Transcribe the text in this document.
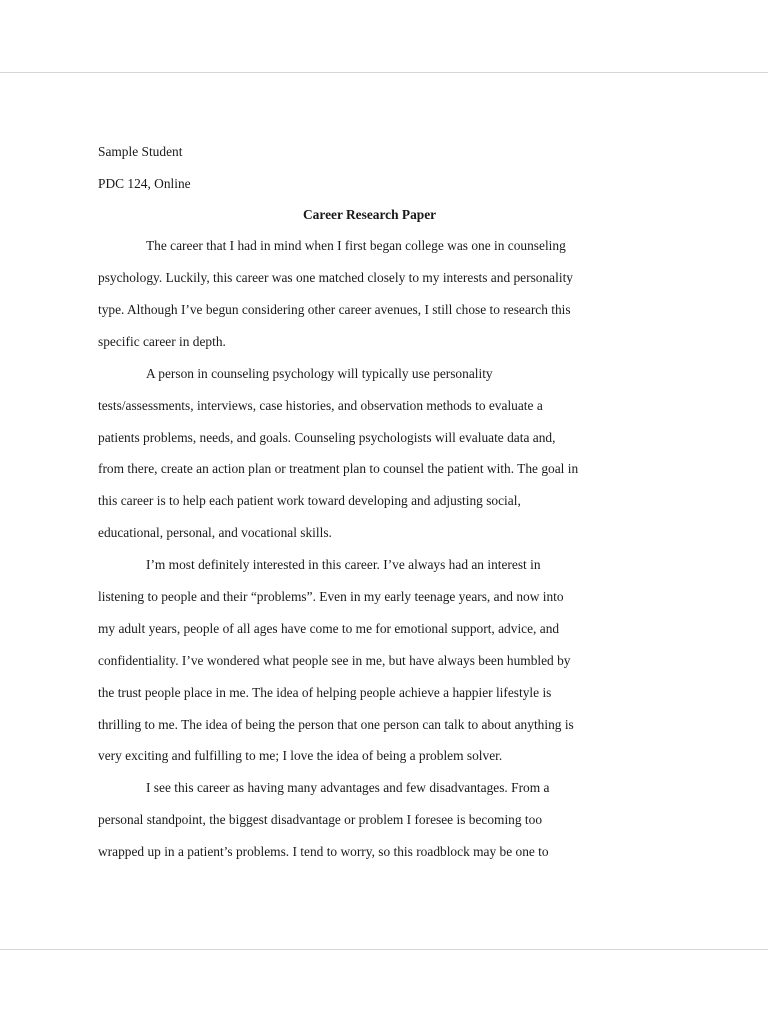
Sample Student
PDC 124, Online
Career Research Paper
The career that I had in mind when I first began college was one in counseling
psychology. Luckily, this career was one matched closely to my interests and personality
type. Although I’ve begun considering other career avenues, I still chose to research this
specific career in depth.
A person in counseling psychology will typically use personality
tests/assessments, interviews, case histories, and observation methods to evaluate a
patients problems, needs, and goals. Counseling psychologists will evaluate data and,
from there, create an action plan or treatment plan to counsel the patient with. The goal in
this career is to help each patient work toward developing and adjusting social,
educational, personal, and vocational skills.
I’m most definitely interested in this career. I’ve always had an interest in
listening to people and their “problems”. Even in my early teenage years, and now into
my adult years, people of all ages have come to me for emotional support, advice, and
confidentiality. I’ve wondered what people see in me, but have always been humbled by
the trust people place in me. The idea of helping people achieve a happier lifestyle is
thrilling to me. The idea of being the person that one person can talk to about anything is
very exciting and fulfilling to me; I love the idea of being a problem solver.
I see this career as having many advantages and few disadvantages. From a
personal standpoint, the biggest disadvantage or problem I foresee is becoming too
wrapped up in a patient’s problems. I tend to worry, so this roadblock may be one to
